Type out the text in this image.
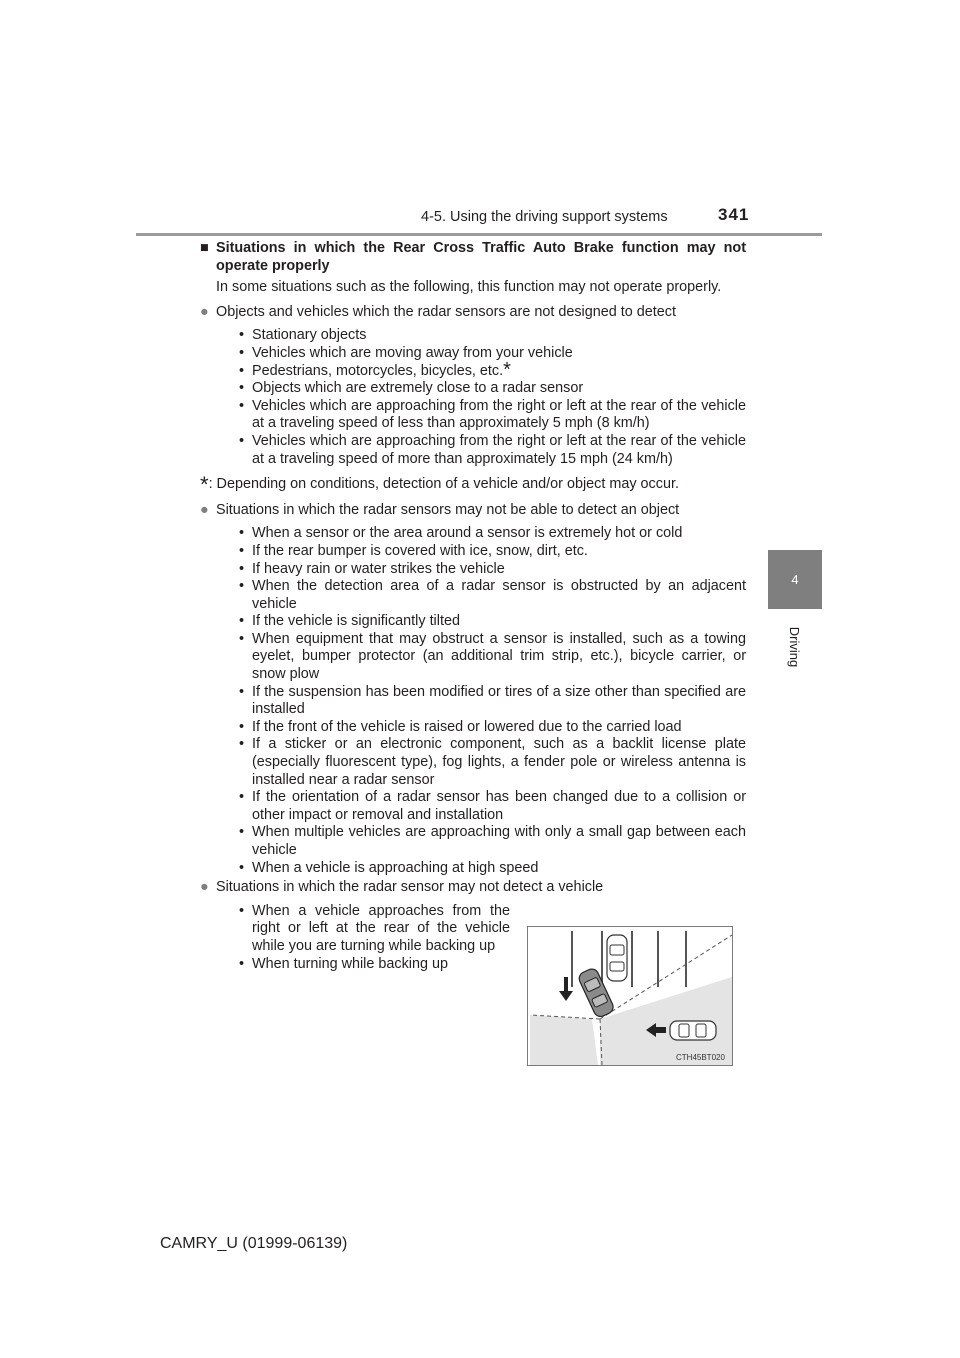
4-5. Using the driving support systems	341
4
Driving
■ Situations in which the Rear Cross Traffic Auto Brake function may not operate properly
In some situations such as the following, this function may not operate properly.
● Objects and vehicles which the radar sensors are not designed to detect
• Stationary objects
• Vehicles which are moving away from your vehicle
• Pedestrians, motorcycles, bicycles, etc.*
• Objects which are extremely close to a radar sensor
• Vehicles which are approaching from the right or left at the rear of the vehicle at a traveling speed of less than approximately 5 mph (8 km/h)
• Vehicles which are approaching from the right or left at the rear of the vehicle at a traveling speed of more than approximately 15 mph (24 km/h)
*: Depending on conditions, detection of a vehicle and/or object may occur.
● Situations in which the radar sensors may not be able to detect an object
• When a sensor or the area around a sensor is extremely hot or cold
• If the rear bumper is covered with ice, snow, dirt, etc.
• If heavy rain or water strikes the vehicle
• When the detection area of a radar sensor is obstructed by an adjacent vehicle
• If the vehicle is significantly tilted
• When equipment that may obstruct a sensor is installed, such as a towing eyelet, bumper protector (an additional trim strip, etc.), bicycle carrier, or snow plow
• If the suspension has been modified or tires of a size other than specified are installed
• If the front of the vehicle is raised or lowered due to the carried load
• If a sticker or an electronic component, such as a backlit license plate (especially fluorescent type), fog lights, a fender pole or wireless antenna is installed near a radar sensor
• If the orientation of a radar sensor has been changed due to a collision or other impact or removal and installation
• When multiple vehicles are approaching with only a small gap between each vehicle
• When a vehicle is approaching at high speed
● Situations in which the radar sensor may not detect a vehicle
• When a vehicle approaches from the right or left at the rear of the vehicle while you are turning while backing up
• When turning while backing up
CTH45BT020
CAMRY_U (01999-06139)
